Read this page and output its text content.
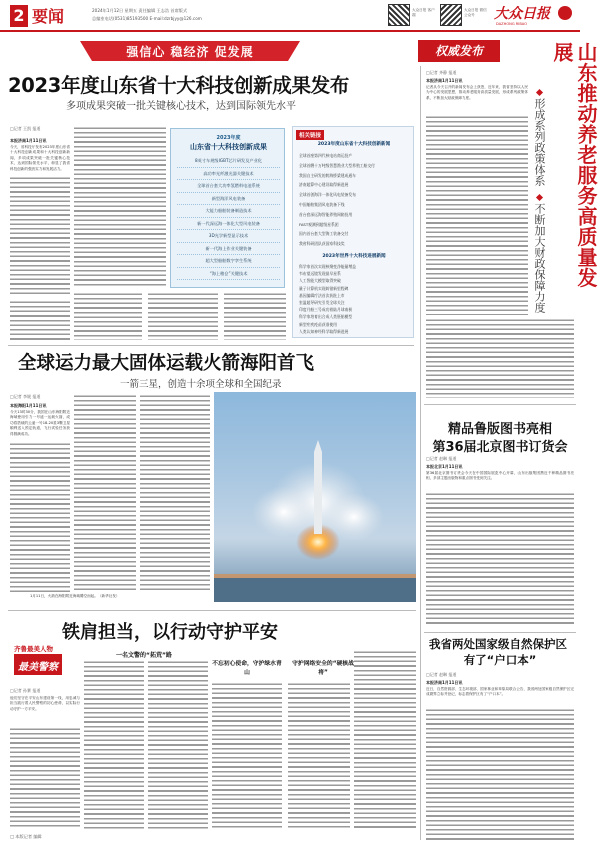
2 要闻	2024年1月12日 星期五 责任编辑 王志浩 首席版式
总编室电话(0531)85193500 E-mail:dzrbjyy@126.com
大众日报 客户端
大众日报 微信公众号	大众日报
DAZHONG RIBAO
强信心 稳经济 促发展	权威发布
2023年度山东省十大科技创新成果发布
多项成果突破一批关键核心技术，达到国际领先水平
□记者 王凯 报道
本报济南1月11日讯
今天，省科技厅发布2023年度山东省十大科技创新成果和十大科技创新新闻，多项成果突破一批关键核心技术，达到国际领先水平，彰显了我省科技创新的强劲实力和发展活力。
2023年度
山东省十大科技创新成果
8英寸车规级IGBT芯片研发及产业化
高功率光纤激光器关键技术
全球首台套大功率氢燃料电池系统
新型海洋风电装备
大能力船舶装备制造技术
新一代深远海一体化大型风电装备
3D光学新型显示技术
新一代海上作业关键装备
超大型船舶数字孪生系统
“海上粮仓”关键技术
相关链接
2023年度山东省十大科技创新新闻
全球首座第四代核电站商运投产
全球首艘十万吨级智慧渔业大型养殖工船交付
我国自主研发的跨海桥梁建成通车
济南超算中心建设取得新进展
全球首创海洋一体化风电装备发布
中国船舶集团风电装备下线
首台套深远海智能养殖网箱投用
FAST观测到超级星系团
国内首台套大型海工装备交付
我省科研团队获国家科技奖
2023年世界十大科技进展新闻
科学家首次实现核聚变净能量增益
韦布望远镜发现最早星系
人工智能大模型取得突破
量子计算机实现纠错新里程碑
基因编辑疗法首次获批上市
室温超导研究引发全球关注
印度月船三号成功着陆月球南极
科学家培育出合成人类胚胎模型
新型疟疾疫苗获准使用
人类认知神经科学取得新进展
全球运力最大固体运载火箭海阳首飞
一箭三星，创造十余项全球和全国纪录
□记者 李媛 报道
本报海阳1月11日讯
今天13时30分，我国在山东海阳附近海域使用引力一号遥一运载火箭，成功将搭载的云遥一号18-20星3颗卫星顺利送入预定轨道，飞行试验任务获得圆满成功。
1月11日，火箭在海阳附近海域腾空而起。（新华社发）
山东推动养老服务高质量发展
形成系列政策体系
不断加大财政保障力度
□记者 齐静 报道
本报济南1月11日讯
记者从今天召开的新闻发布会上获悉，近年来，我省坚持以人民为中心的发展思想，推动养老服务高质量发展，形成系列政策体系，不断加大财政保障力度。
精品鲁版图书亮相
第36届北京图书订货会
□记者 赵琳 报道
本报北京1月11日讯
第36届北京图书订货会今天在中国国际展览中心开幕，山东出版集团携近千种精品图书亮相，多部主题出版物和重点图书受到关注。
我省两处国家级自然保护区
有了“户口本”
□记者 赵琳 报道
本报济南1月11日讯
近日，自然资源部、生态环境部、国家林业和草原局联合公告，我省两处国家级自然保护区完成勘界立标并登记，标志着保护区有了“户口本”。
铁肩担当，以行动守护平安
齐鲁最美人物
最美警察
□记者 孙赛 报道
他们坚守在平安山东建设第一线，用忠诚与担当践行着人民警察的初心使命，以实际行动守护一方平安。
一名文警的“拓荒”路
不忘初心使命，守护绿水青山
守护网络安全的“硬核战将”
□ 本版记者 编辑
